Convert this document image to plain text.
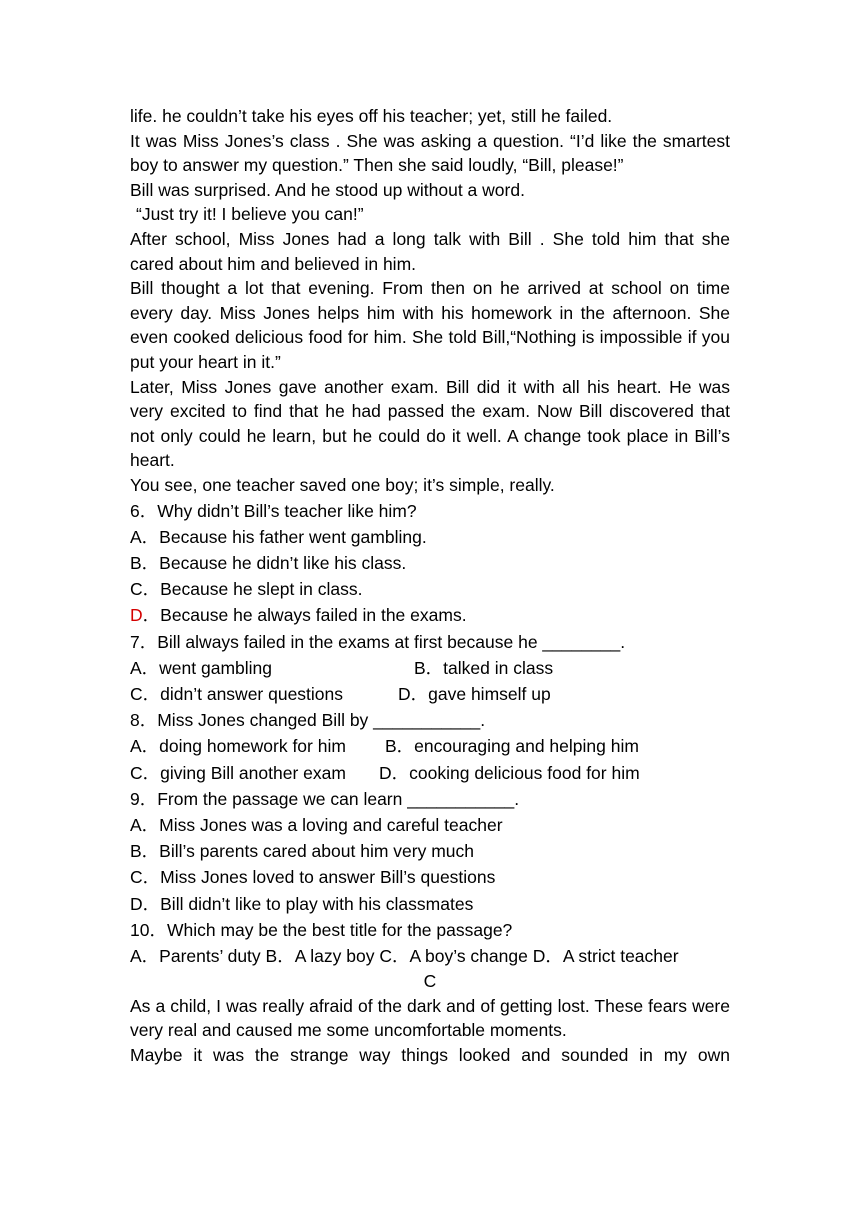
life. he couldn’t take his eyes off his teacher; yet, still he failed.

It was Miss Jones’s class . She was asking a question. “I’d like the smartest boy to answer my question.” Then she said loudly, “Bill, please!”

Bill was surprised. And he stood up without a word.

“Just try it! I believe you can!”

After school, Miss Jones had a long talk with Bill . She told him that she cared about him and believed in him.

Bill thought a lot that evening. From then on he arrived at school on time every day. Miss Jones helps him with his homework in the afternoon. She even cooked delicious food for him. She told Bill,“Nothing is impossible if you put your heart in it.”

Later, Miss Jones gave another exam. Bill did it with all his heart. He was very excited to find that he had passed the exam. Now Bill discovered that not only could he learn, but he could do it well. A change took place in Bill’s heart.

You see, one teacher saved one boy; it’s simple, really.

6．Why didn’t Bill’s teacher like him?

A．Because his father went gambling.

B．Because he didn’t like his class.

C．Because he slept in class.

D．Because he always failed in the exams.

7．Bill always failed in the exams at first because he ________.

A．went gambling	B．talked in class

C．didn’t answer questions	D．gave himself up

8．Miss Jones changed Bill by ___________.

A．doing homework for him B．encouraging and helping him

C．giving Bill another exam D．cooking delicious food for him

9．From the passage we can learn ___________.

A．Miss Jones was a loving and careful teacher

B．Bill’s parents cared about him very much

C．Miss Jones loved to answer Bill’s questions

D．Bill didn’t like to play with his classmates

10．Which may be the best title for the passage?

A．Parents’ duty B．A lazy boy C．A boy’s change D．A strict teacher

C

As a child, I was really afraid of the dark and of getting lost. These fears were very real and caused me some uncomfortable moments.

Maybe it was the strange way things looked and sounded in my own
